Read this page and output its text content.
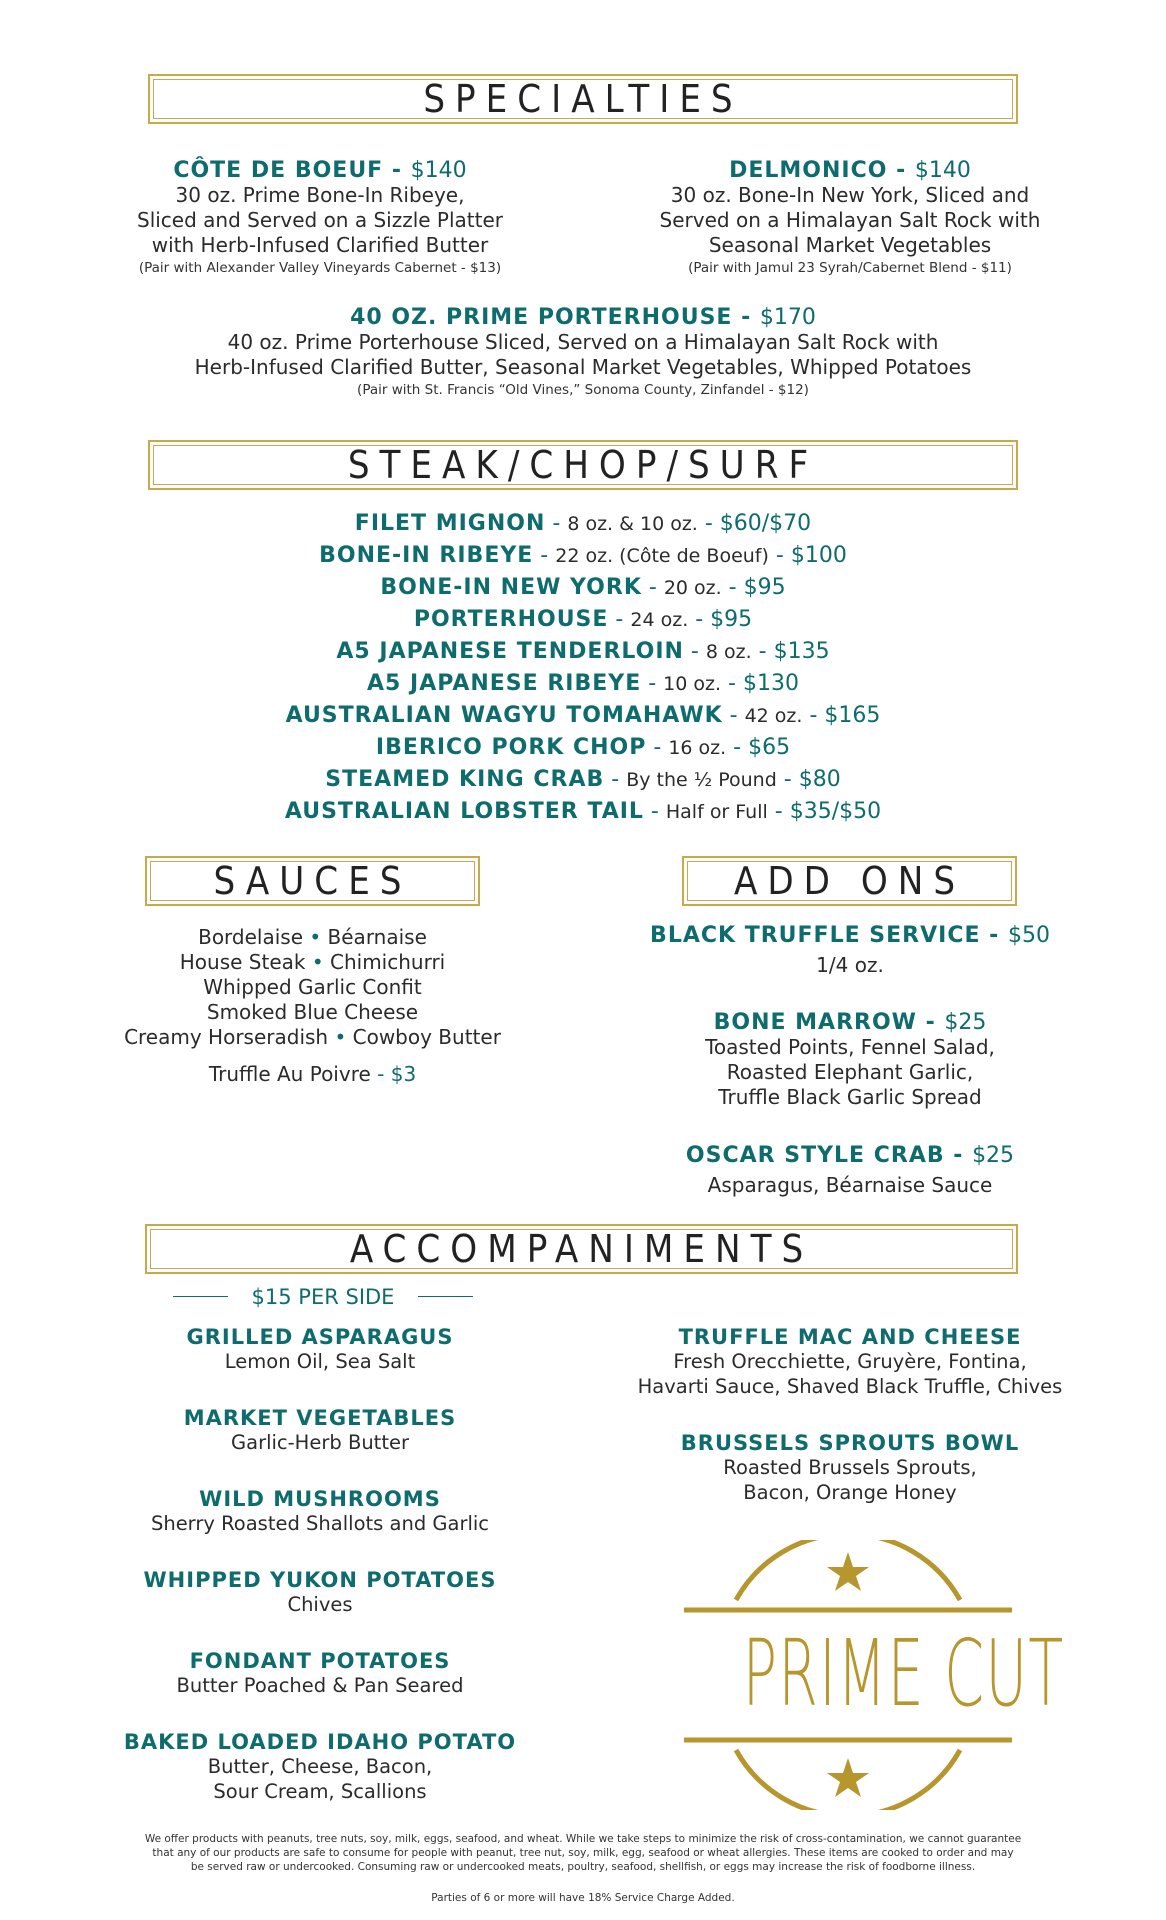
SPECIALTIES
CÔTE DE BOEUF - $140
30 oz. Prime Bone-In Ribeye,
Sliced and Served on a Sizzle Platter
with Herb-Infused Clarified Butter
(Pair with Alexander Valley Vineyards Cabernet - $13)
DELMONICO - $140
30 oz. Bone-In New York, Sliced and
Served on a Himalayan Salt Rock with
Seasonal Market Vegetables
(Pair with Jamul 23 Syrah/Cabernet Blend - $11)
40 OZ. PRIME PORTERHOUSE - $170
40 oz. Prime Porterhouse Sliced, Served on a Himalayan Salt Rock with
Herb-Infused Clarified Butter, Seasonal Market Vegetables, Whipped Potatoes
(Pair with St. Francis “Old Vines,” Sonoma County, Zinfandel - $12)
STEAK/CHOP/SURF
FILET MIGNON - 8 oz. & 10 oz. - $60/$70
BONE-IN RIBEYE - 22 oz. (Côte de Boeuf) - $100
BONE-IN NEW YORK - 20 oz. - $95
PORTERHOUSE - 24 oz. - $95
A5 JAPANESE TENDERLOIN - 8 oz. - $135
A5 JAPANESE RIBEYE - 10 oz. - $130
AUSTRALIAN WAGYU TOMAHAWK - 42 oz. - $165
IBERICO PORK CHOP - 16 oz. - $65
STEAMED KING CRAB - By the ½ Pound - $80
AUSTRALIAN LOBSTER TAIL - Half or Full - $35/$50
SAUCES	ADD ONS
Bordelaise • Béarnaise
House Steak • Chimichurri
Whipped Garlic Confit
Smoked Blue Cheese
Creamy Horseradish • Cowboy Butter
Truffle Au Poivre - $3
BLACK TRUFFLE SERVICE - $50
1/4 oz.
BONE MARROW - $25
Toasted Points, Fennel Salad,
Roasted Elephant Garlic,
Truffle Black Garlic Spread
OSCAR STYLE CRAB - $25
Asparagus, Béarnaise Sauce
ACCOMPANIMENTS
$15 PER SIDE
GRILLED ASPARAGUS
Lemon Oil, Sea Salt
MARKET VEGETABLES
Garlic-Herb Butter
WILD MUSHROOMS
Sherry Roasted Shallots and Garlic
WHIPPED YUKON POTATOES
Chives
FONDANT POTATOES
Butter Poached & Pan Seared
BAKED LOADED IDAHO POTATO
Butter, Cheese, Bacon,
Sour Cream, Scallions
TRUFFLE MAC AND CHEESE
Fresh Orecchiette, Gruyère, Fontina,
Havarti Sauce, Shaved Black Truffle, Chives
BRUSSELS SPROUTS BOWL
Roasted Brussels Sprouts,
Bacon, Orange Honey
PRIME CUT
We offer products with peanuts, tree nuts, soy, milk, eggs, seafood, and wheat. While we take steps to minimize the risk of cross-contamination, we cannot guarantee
that any of our products are safe to consume for people with peanut, tree nut, soy, milk, egg, seafood or wheat allergies. These items are cooked to order and may
be served raw or undercooked. Consuming raw or undercooked meats, poultry, seafood, shellfish, or eggs may increase the risk of foodborne illness.
Parties of 6 or more will have 18% Service Charge Added.
